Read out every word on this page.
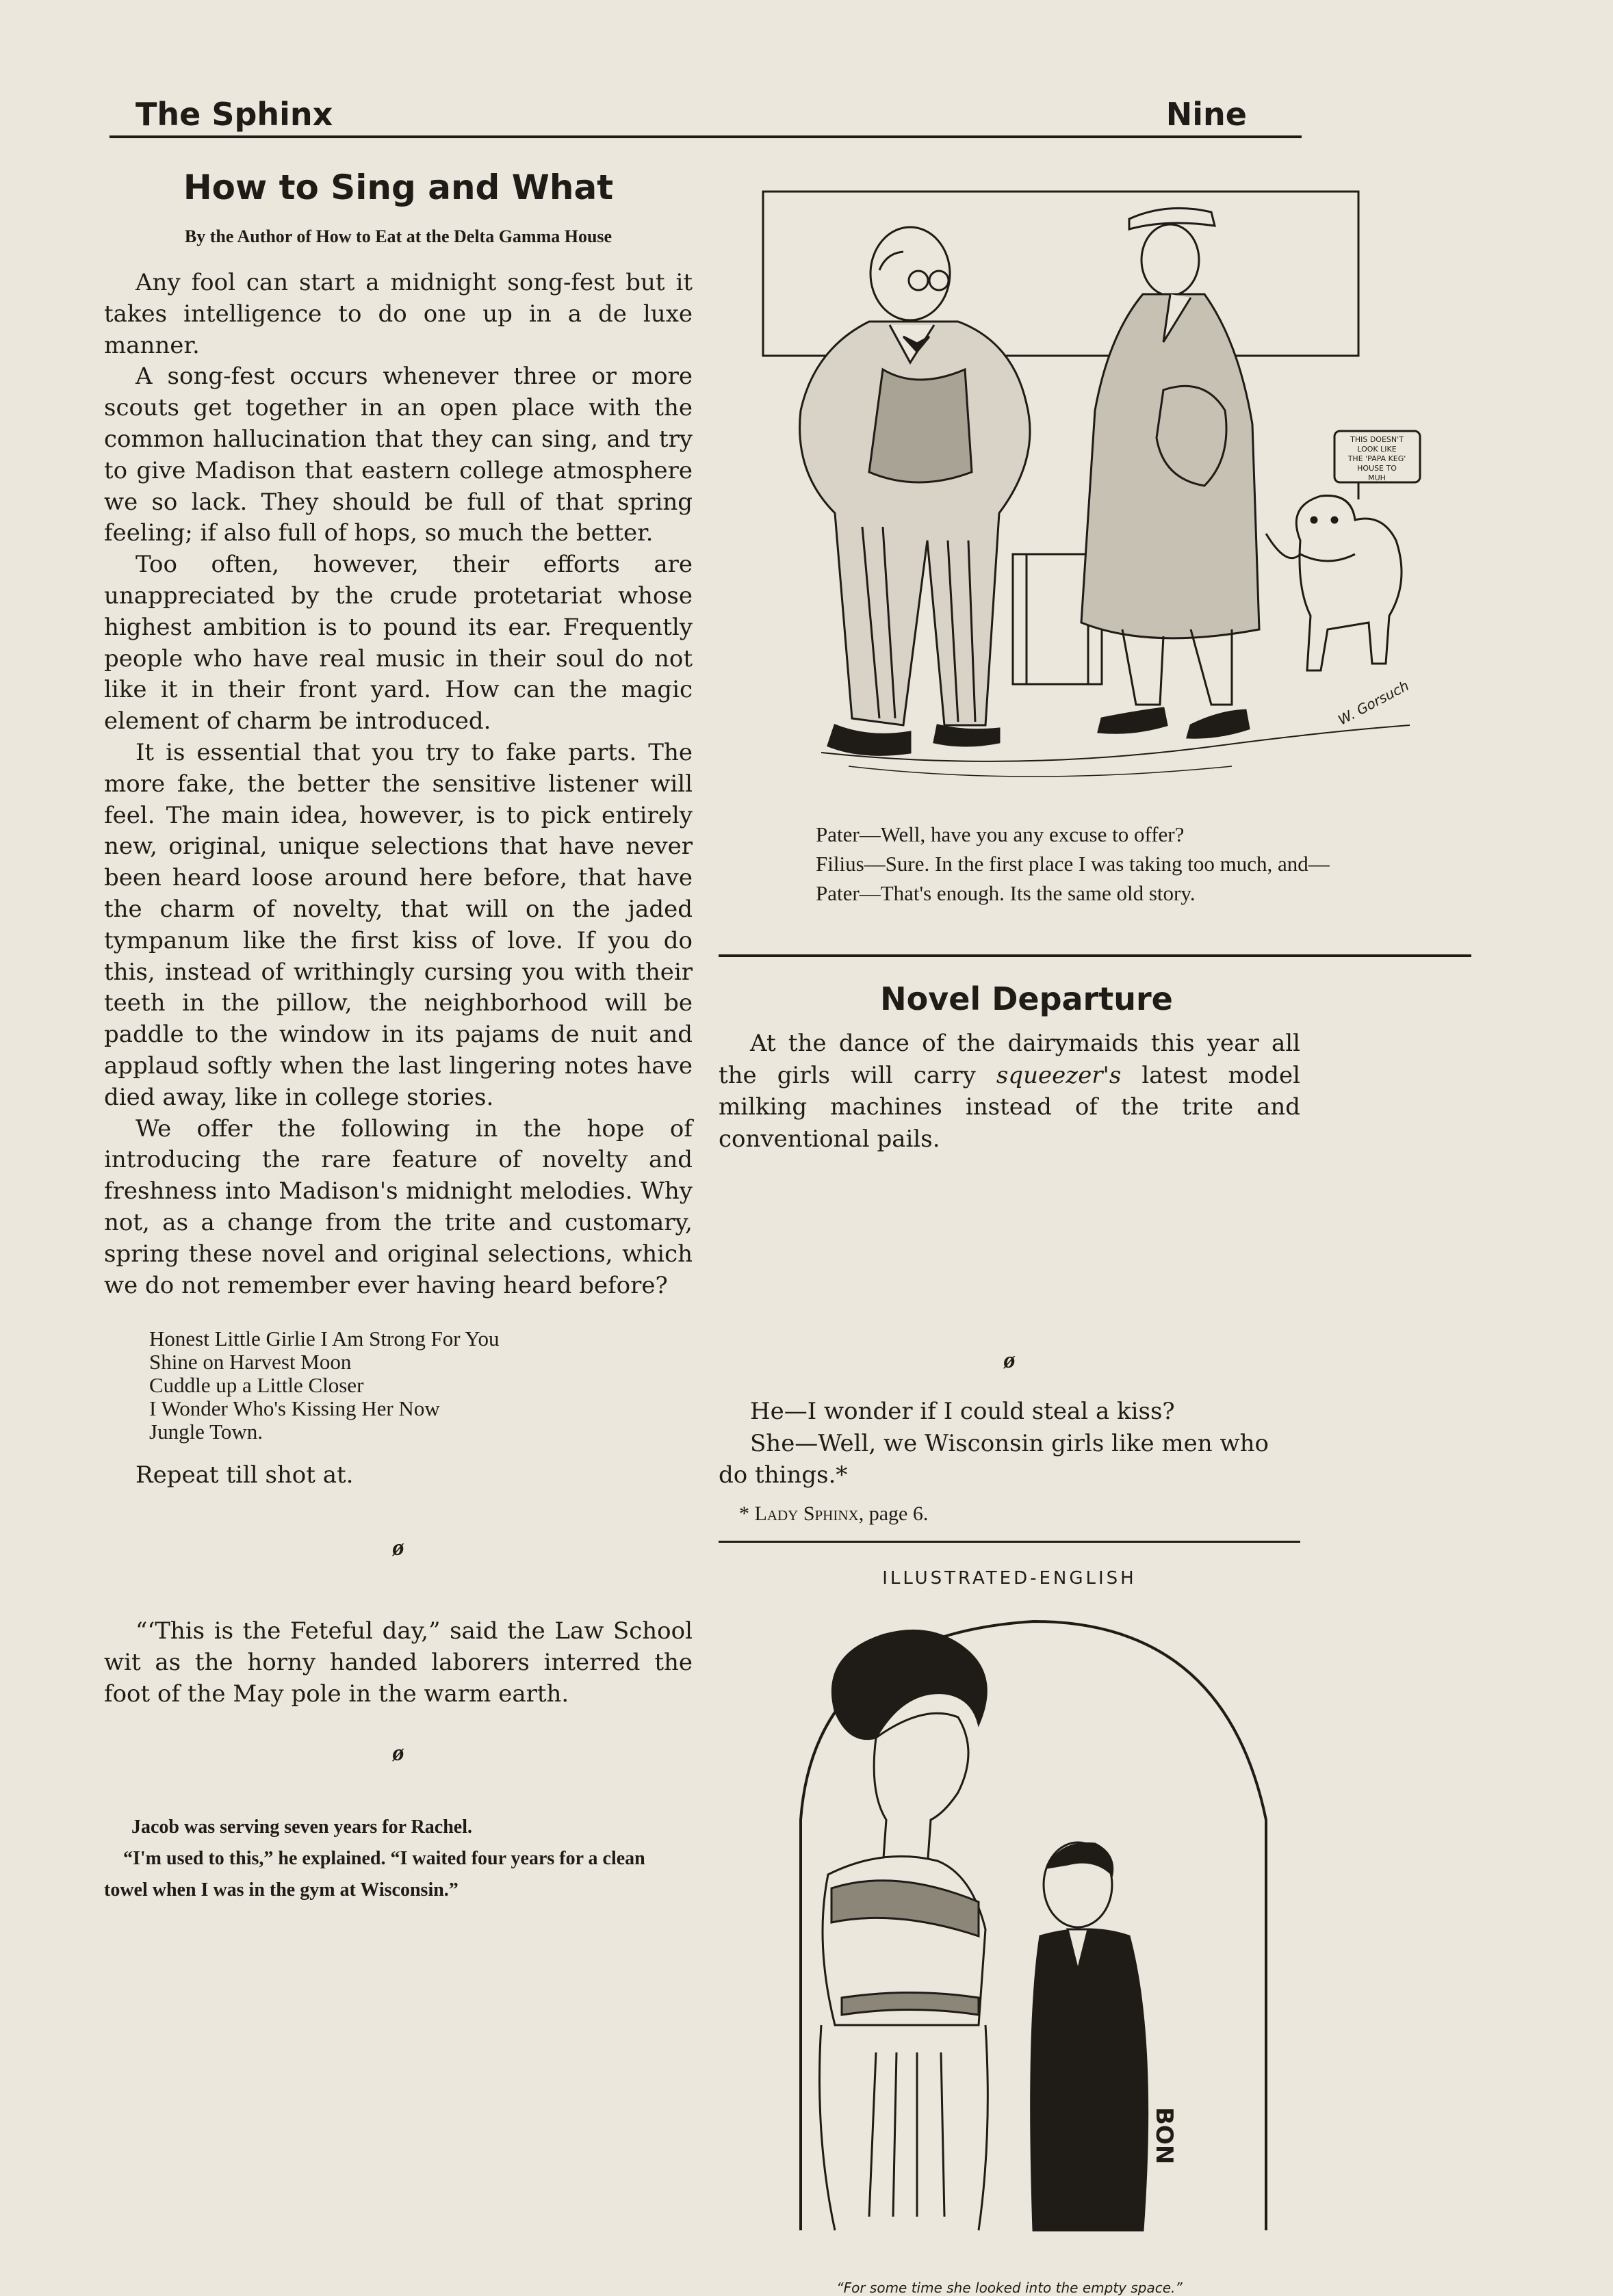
The Sphinx	Nine
How to Sing and What
By the Author of How to Eat at the Delta Gamma House

Any fool can start a midnight song-fest but it takes intelligence to do one up in a de luxe manner.

A song-fest occurs whenever three or more scouts get together in an open place with the common hallucination that they can sing, and try to give Madison that eastern college atmosphere we so lack. They should be full of that spring feeling; if also full of hops, so much the better.

Too often, however, their efforts are unappreciated by the crude protetariat whose highest ambition is to pound its ear. Frequently people who have real music in their soul do not like it in their front yard. How can the magic element of charm be introduced.

It is essential that you try to fake parts. The more fake, the better the sensitive listener will feel. The main idea, however, is to pick entirely new, original, unique selections that have never been heard loose around here before, that have the charm of novelty, that will on the jaded tympanum like the first kiss of love. If you do this, instead of writhingly cursing you with their teeth in the pillow, the neighborhood will be paddle to the window in its pajams de nuit and applaud softly when the last lingering notes have died away, like in college stories.

We offer the following in the hope of introducing the rare feature of novelty and freshness into Madison's midnight melodies. Why not, as a change from the trite and customary, spring these novel and original selections, which we do not remember ever having heard before?

Honest Little Girlie I Am Strong For You
Shine on Harvest Moon
Cuddle up a Little Closer
I Wonder Who's Kissing Her Now
Jungle Town.
Repeat till shot at.
ø

“‘This is the Feteful day,” said the Law School wit as the horny handed laborers interred the foot of the May pole in the warm earth.

ø

Jacob was serving seven years for Rachel.

“I'm used to this,” he explained. “I waited four years for a clean towel when I was in the gym at Wisconsin.”

THIS DOESN'T
LOOK LIKE
THE 'PAPA KEG'
HOUSE TO
MUH
W. Gorsuch

Pater—Well, have you any excuse to offer?

Filius—Sure. In the first place I was taking too much, and—

Pater—That's enough. Its the same old story.

Novel Departure

At the dance of the dairymaids this year all the girls will carry squeezer's latest model milking machines instead of the trite and conventional pails.

ø

He—I wonder if I could steal a kiss?

She—Well, we Wisconsin girls like men who do things.*

* Lady Sphinx, page 6.
ILLUSTRATED-ENGLISH
BON
“For some time she looked into the empty space.”
